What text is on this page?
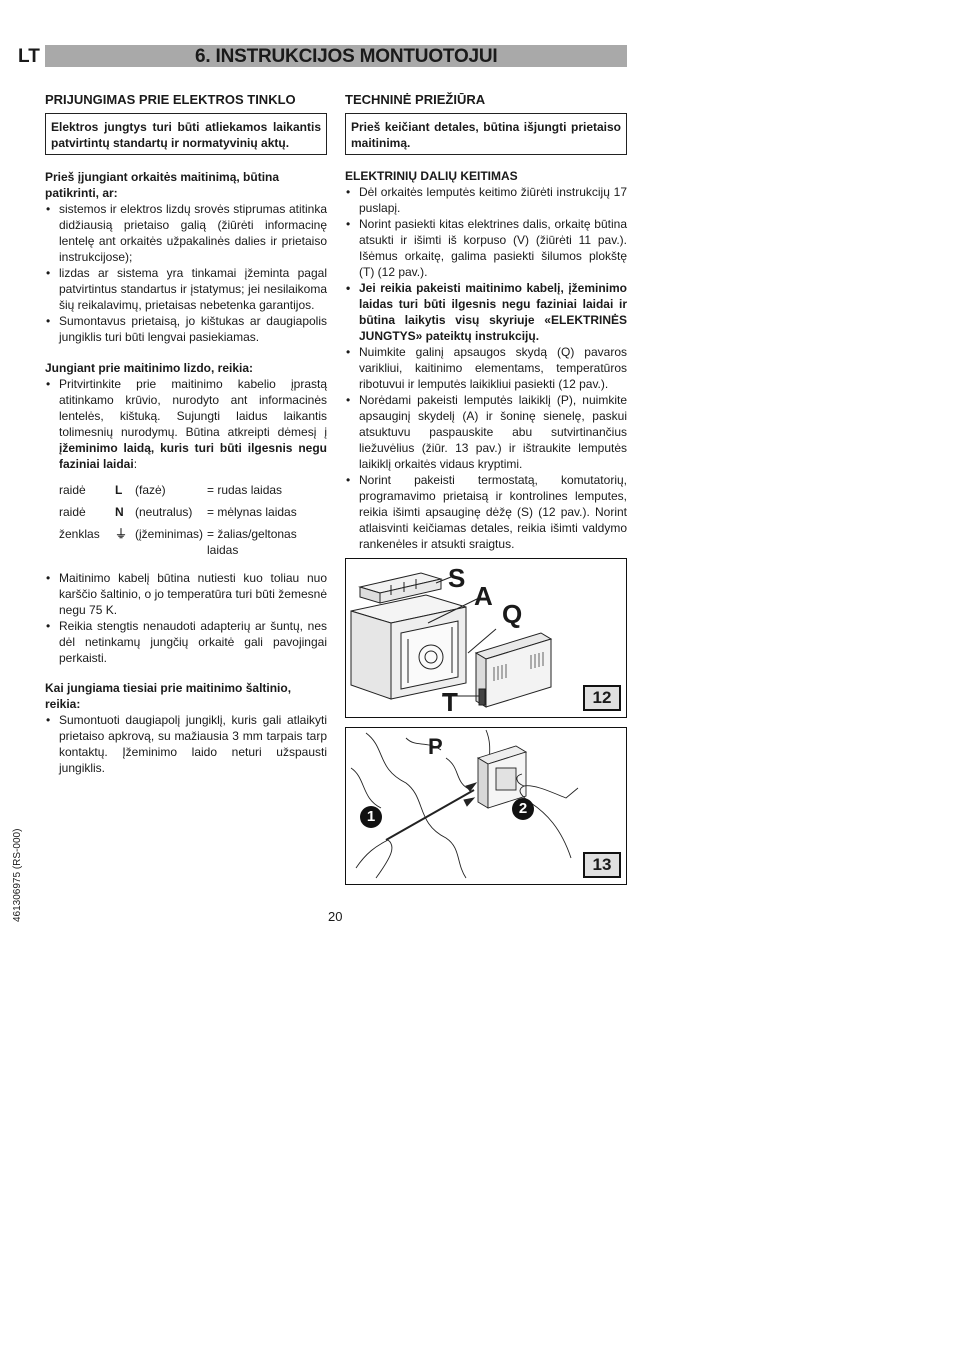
LT	6. INSTRUKCIJOS MONTUOTOJUI
PRIJUNGIMAS PRIE ELEKTROS TINKLO
Elektros jungtys turi būti atliekamos laikantis patvirtintų standartų ir normatyvinių aktų.
Prieš įjungiant orkaitės maitinimą, būtina patikrinti, ar:
• sistemos ir elektros lizdų srovės stiprumas atitinka didžiausią prietaiso galią (žiūrėti informacinę lentelę ant orkaitės užpakalinės dalies ir prietaiso instrukcijose);
• lizdas ar sistema yra tinkamai įžeminta pagal patvirtintus standartus ir įstatymus; jei nesilaikoma šių reikalavimų, prietaisas nebetenka garantijos.
• Sumontavus prietaisą, jo kištukas ar daugiapolis jungiklis turi būti lengvai pasiekiamas.
Jungiant prie maitinimo lizdo, reikia:
• Pritvirtinkite prie maitinimo kabelio įprastą atitinkamo krūvio, nurodyto ant informacinės lentelės, kištuką. Sujungti laidus laikantis tolimesnių nurodymų. Būtina atkreipti dėmesį į įžeminimo laidą, kuris turi būti ilgesnis negu faziniai laidai:
raidė	L	(fazė)	= rudas laidas
raidė	N (neutralus)	= mėlynas laidas
ženklas	⏚ (įžeminimas) = žalias/geltonas laidas
• Maitinimo kabelį būtina nutiesti kuo toliau nuo karščio šaltinio, o jo temperatūra turi būti žemesnė negu 75 K.
• Reikia stengtis nenaudoti adapterių ar šuntų, nes dėl netinkamų jungčių orkaitė gali pavojingai perkaisti.
Kai jungiama tiesiai prie maitinimo šaltinio, reikia:
• Sumontuoti daugiapolį jungiklį, kuris gali atlaikyti prietaiso apkrovą, su mažiausia 3 mm tarpais tarp kontaktų. Įžeminimo laido neturi užspausti jungiklis.
TECHNINĖ PRIEŽIŪRA
Prieš keičiant detales, būtina išjungti prietaiso maitinimą.
ELEKTRINIŲ DALIŲ KEITIMAS
• Dėl orkaitės lemputės keitimo žiūrėti instrukcijų 17 puslapį.
• Norint pasiekti kitas elektrines dalis, orkaitę būtina atsukti ir išimti iš korpuso (V) (žiūrėti 11 pav.). Išėmus orkaitę, galima pasiekti šilumos plokštę (T) (12 pav.).
• Jei reikia pakeisti maitinimo kabelį, įžeminimo laidas turi būti ilgesnis negu faziniai laidai ir būtina laikytis visų skyriuje «ELEKTRINĖS JUNGTYS» pateiktų instrukcijų.
• Nuimkite galinį apsaugos skydą (Q) pavaros varikliui, kaitinimo elementams, temperatūros ribotuvui ir lemputės laikikliui pasiekti (12 pav.).
• Norėdami pakeisti lemputės laikiklį (P), nuimkite apsauginį skydelį (A) ir šoninę sienelę, paskui atsuktuvu paspauskite abu sutvirtinančius liežuvėlius (žiūr. 13 pav.) ir ištraukite lemputės laikiklį orkaitės vidaus kryptimi.
• Norint pakeisti termostatą, komutatorių, programavimo prietaisą ir kontrolines lemputes, reikia išimti apsauginę dėžę (S) (12 pav.). Norint atlaisvinti keičiamas detales, reikia išimti valdymo rankenėles ir atsukti sraigtus.
S
A
Q
T	12
P
1	2
13
20
461306975 (RS-000)
